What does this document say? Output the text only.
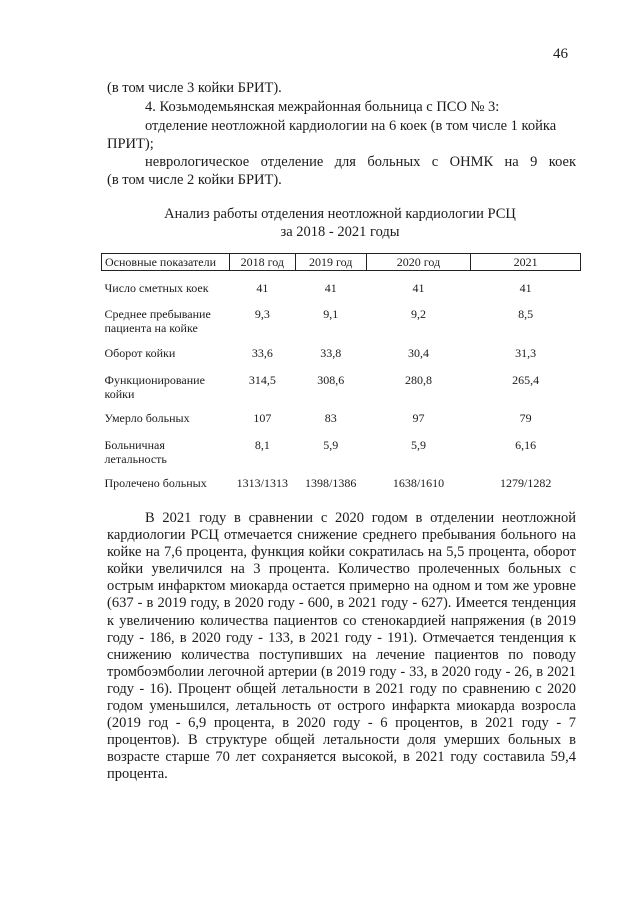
46
(в том числе 3 койки БРИТ).
4. Козьмодемьянская межрайонная больница с ПСО № 3:
отделение неотложной кардиологии на 6 коек (в том числе 1 койка
ПРИТ);
неврологическое отделение для больных с ОНМК на 9 коек
(в том числе 2 койки БРИТ).
Анализ работы отделения неотложной кардиологии РСЦ
за 2018 - 2021 годы
Основные показатели	2018 год	2019 год	2020 год	2021
Число сметных коек	41	41	41	41
Среднее пребывание пациента на койке	9,3	9,1	9,2	8,5
Оборот койки	33,6	33,8	30,4	31,3
Функционирование койки	314,5	308,6	280,8	265,4
Умерло больных	107	83	97	79
Больничная летальность	8,1	5,9	5,9	6,16
Пролечено больных	1313/1313	1398/1386	1638/1610	1279/1282

В 2021 году в сравнении с 2020 годом в отделении неотложной кардиологии РСЦ отмечается снижение среднего пребывания больного на койке на 7,6 процента, функция койки сократилась на 5,5 процента, оборот койки увеличился на 3 процента. Количество пролеченных больных с острым инфарктом миокарда остается примерно на одном и том же уровне (637 - в 2019 году, в 2020 году - 600, в 2021 году - 627). Имеется тенденция к увеличению количества пациентов со стенокардией напряжения (в 2019 году - 186, в 2020 году - 133, в 2021 году - 191). Отмечается тенденция к снижению количества поступивших на лечение пациентов по поводу тромбоэмболии легочной артерии (в 2019 году - 33, в 2020 году - 26, в 2021 году - 16). Процент общей летальности в 2021 году по сравнению с 2020 годом уменьшился, летальность от острого инфаркта миокарда возросла (2019 год - 6,9 процента, в 2020 году - 6 процентов, в 2021 году - 7 процентов). В структуре общей летальности доля умерших больных в возрасте старше 70 лет сохраняется высокой, в 2021 году составила 59,4 процента.
